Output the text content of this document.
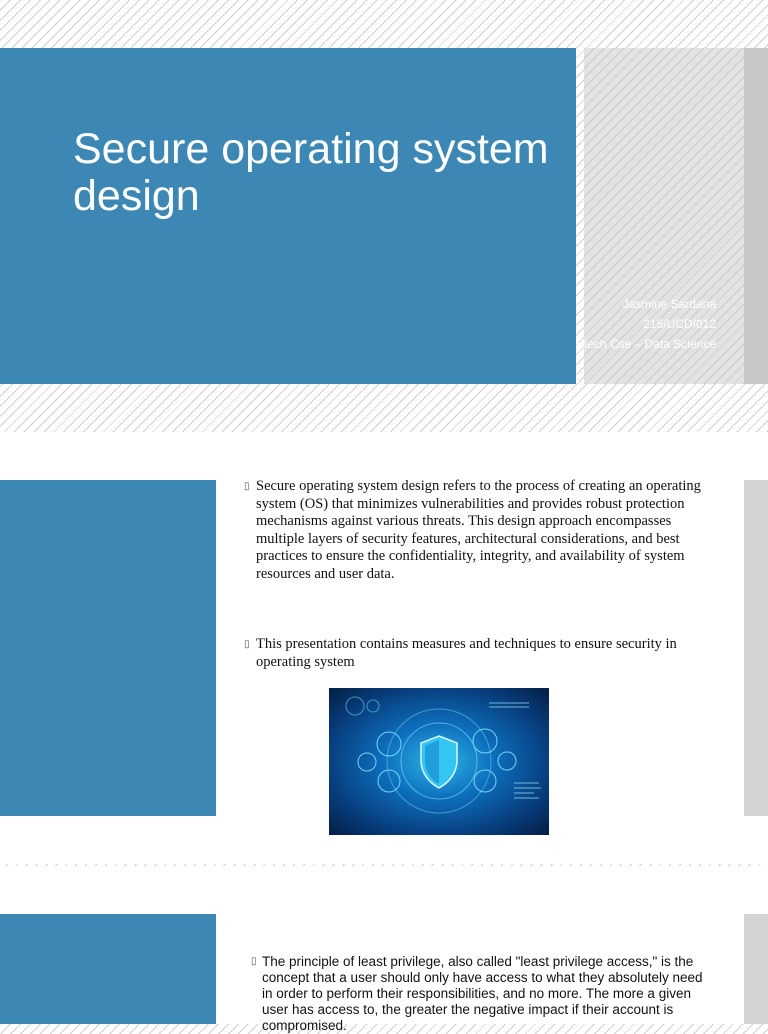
Secure operating system design
Jasmine Sardana
215/UCD/012
Btech Cse – Data Science

▯ Secure operating system design refers to the process of creating an operating system (OS) that minimizes vulnerabilities and provides robust protection mechanisms against various threats. This design approach encompasses multiple layers of security features, architectural considerations, and best practices to ensure the confidentiality, integrity, and availability of system resources and user data.

▯ This presentation contains measures and techniques to ensure security in operating system

▯ The principle of least privilege, also called "least privilege access," is the concept that a user should only have access to what they absolutely need in order to perform their responsibilities, and no more. The more a given user has access to, the greater the negative impact if their account is compromised.
